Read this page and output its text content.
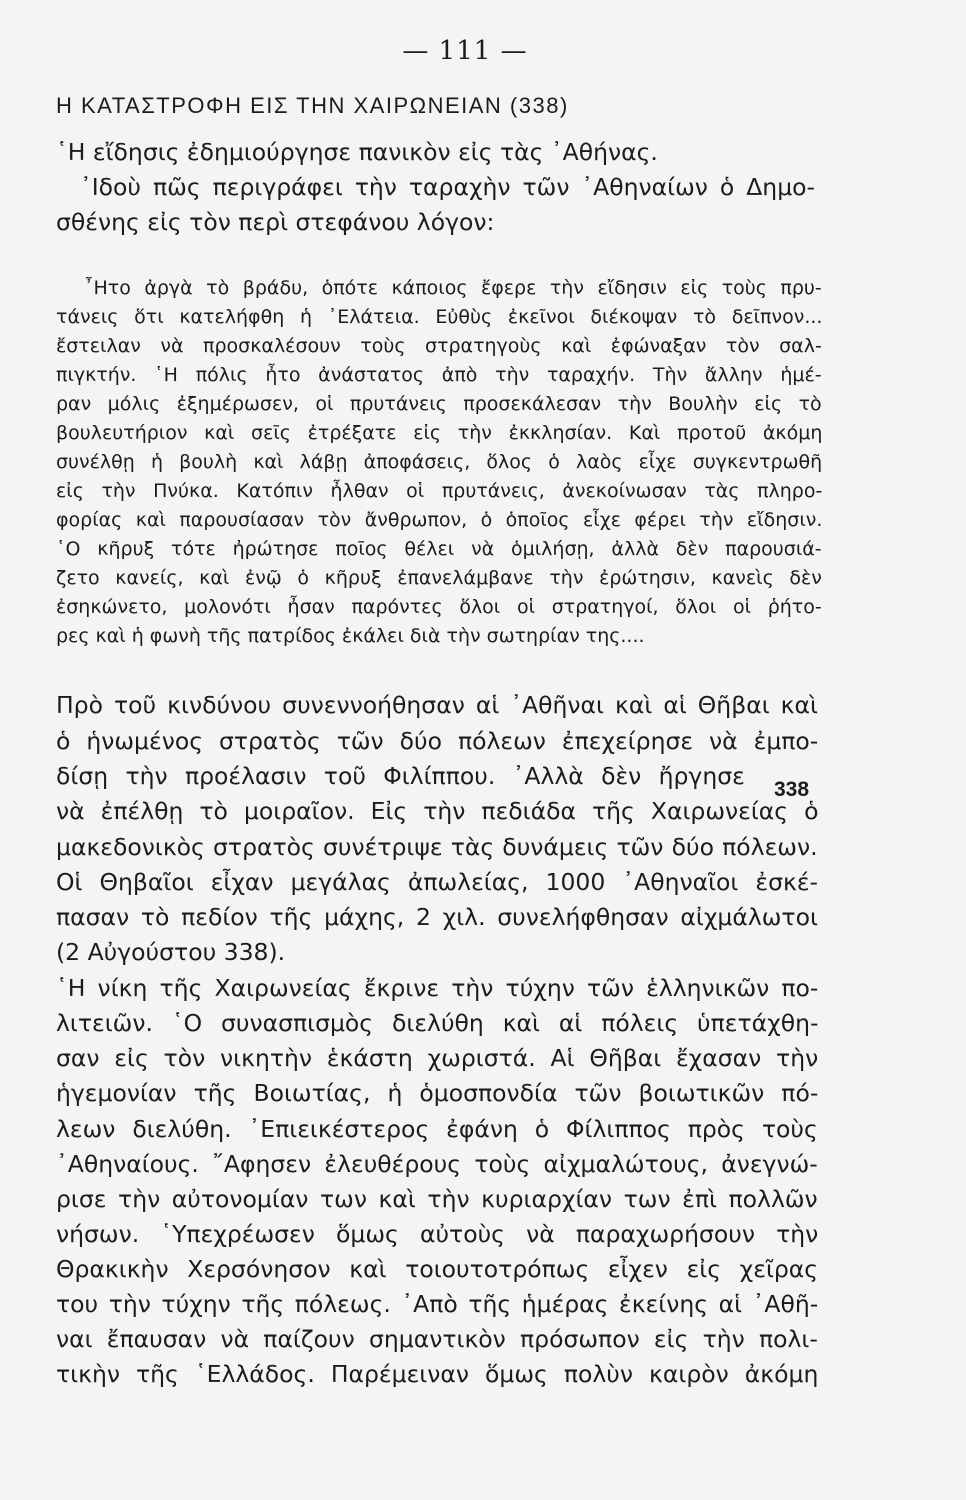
— 111 —
Η ΚΑΤΑΣΤΡΟΦΗ ΕΙΣ ΤΗΝ ΧΑΙΡΩΝΕΙΑΝ (338)
῾Η εἴδησις ἐδημιούργησε πανικὸν εἰς τὰς ᾿Αθήνας.
᾿Ιδοὺ πῶς περιγράφει τὴν ταραχὴν τῶν ᾿Αθηναίων ὁ Δημο-
σθένης εἰς τὸν περὶ στεφάνου λόγον:
῏Ητο ἀργὰ τὸ βράδυ, ὁπότε κάποιος ἔφερε τὴν εἴδησιν εἰς τοὺς πρυ-
τάνεις ὅτι κατελήφθη ἡ ᾿Ελάτεια. Εὐθὺς ἐκεῖνοι διέκοψαν τὸ δεῖπνον...
ἔστειλαν νὰ προσκαλέσουν τοὺς στρατηγοὺς καὶ ἐφώναξαν τὸν σαλ-
πιγκτήν. ῾Η πόλις ἦτο ἀνάστατος ἀπὸ τὴν ταραχήν. Τὴν ἄλλην ἡμέ-
ραν μόλις ἐξημέρωσεν, οἱ πρυτάνεις προσεκάλεσαν τὴν Βουλὴν εἰς τὸ
βουλευτήριον καὶ σεῖς ἐτρέξατε εἰς τὴν ἐκκλησίαν. Καὶ προτοῦ ἀκόμη
συνέλθῃ ἡ βουλὴ καὶ λάβῃ ἀποφάσεις, ὅλος ὁ λαὸς εἶχε συγκεντρωθῆ
εἰς τὴν Πνύκα. Κατόπιν ἦλθαν οἱ πρυτάνεις, ἀνεκοίνωσαν τὰς πληρο-
φορίας καὶ παρουσίασαν τὸν ἄνθρωπον, ὁ ὁποῖος εἶχε φέρει τὴν εἴδησιν.
῾Ο κῆρυξ τότε ἠρώτησε ποῖος θέλει νὰ ὁμιλήσῃ, ἀλλὰ δὲν παρουσιά-
ζετο κανείς, καὶ ἐνῷ ὁ κῆρυξ ἐπανελάμβανε τὴν ἐρώτησιν, κανεὶς δὲν
ἐσηκώνετο, μολονότι ἦσαν παρόντες ὅλοι οἱ στρατηγοί, ὅλοι οἱ ῥήτο-
ρες καὶ ἡ φωνὴ τῆς πατρίδος ἐκάλει διὰ τὴν σωτηρίαν της....
Πρὸ τοῦ κινδύνου συνεννοήθησαν αἱ ᾿Αθῆναι καὶ αἱ Θῆβαι καὶ
ὁ ἡνωμένος στρατὸς τῶν δύο πόλεων ἐπεχείρησε νὰ ἐμπο-
δίσῃ τὴν προέλασιν τοῦ Φιλίππου. ᾿Αλλὰ δὲν ἤργησε
νὰ ἐπέλθῃ τὸ μοιραῖον. Εἰς τὴν πεδιάδα τῆς Χαιρωνείας ὁ
μακεδονικὸς στρατὸς συνέτριψε τὰς δυνάμεις τῶν δύο πόλεων.
Οἱ Θηβαῖοι εἶχαν μεγάλας ἀπωλείας, 1000 ᾿Αθηναῖοι ἐσκέ-
πασαν τὸ πεδίον τῆς μάχης, 2 χιλ. συνελήφθησαν αἰχμάλωτοι
(2 Αὐγούστου 338).
῾Η νίκη τῆς Χαιρωνείας ἔκρινε τὴν τύχην τῶν ἑλληνικῶν πο-
λιτειῶν. ῾Ο συνασπισμὸς διελύθη καὶ αἱ πόλεις ὑπετάχθη-
σαν εἰς τὸν νικητὴν ἑκάστη χωριστά. Αἱ Θῆβαι ἔχασαν τὴν
ἡγεμονίαν τῆς Βοιωτίας, ἡ ὁμοσπονδία τῶν βοιωτικῶν πό-
λεων διελύθη. ᾿Επιεικέστερος ἐφάνη ὁ Φίλιππος πρὸς τοὺς
᾿Αθηναίους. ῎Αφησεν ἐλευθέρους τοὺς αἰχμαλώτους, ἀνεγνώ-
ρισε τὴν αὐτονομίαν των καὶ τὴν κυριαρχίαν των ἐπὶ πολλῶν
νήσων. ῾Υπεχρέωσεν ὅμως αὐτοὺς νὰ παραχωρήσουν τὴν
Θρακικὴν Χερσόνησον καὶ τοιουτοτρόπως εἶχεν εἰς χεῖρας
του τὴν τύχην τῆς πόλεως. ᾿Απὸ τῆς ἡμέρας ἐκείνης αἱ ᾿Αθῆ-
ναι ἔπαυσαν νὰ παίζουν σημαντικὸν πρόσωπον εἰς τὴν πολι-
τικὴν τῆς ῾Ελλάδος. Παρέμειναν ὅμως πολὺν καιρὸν ἀκόμη
338
